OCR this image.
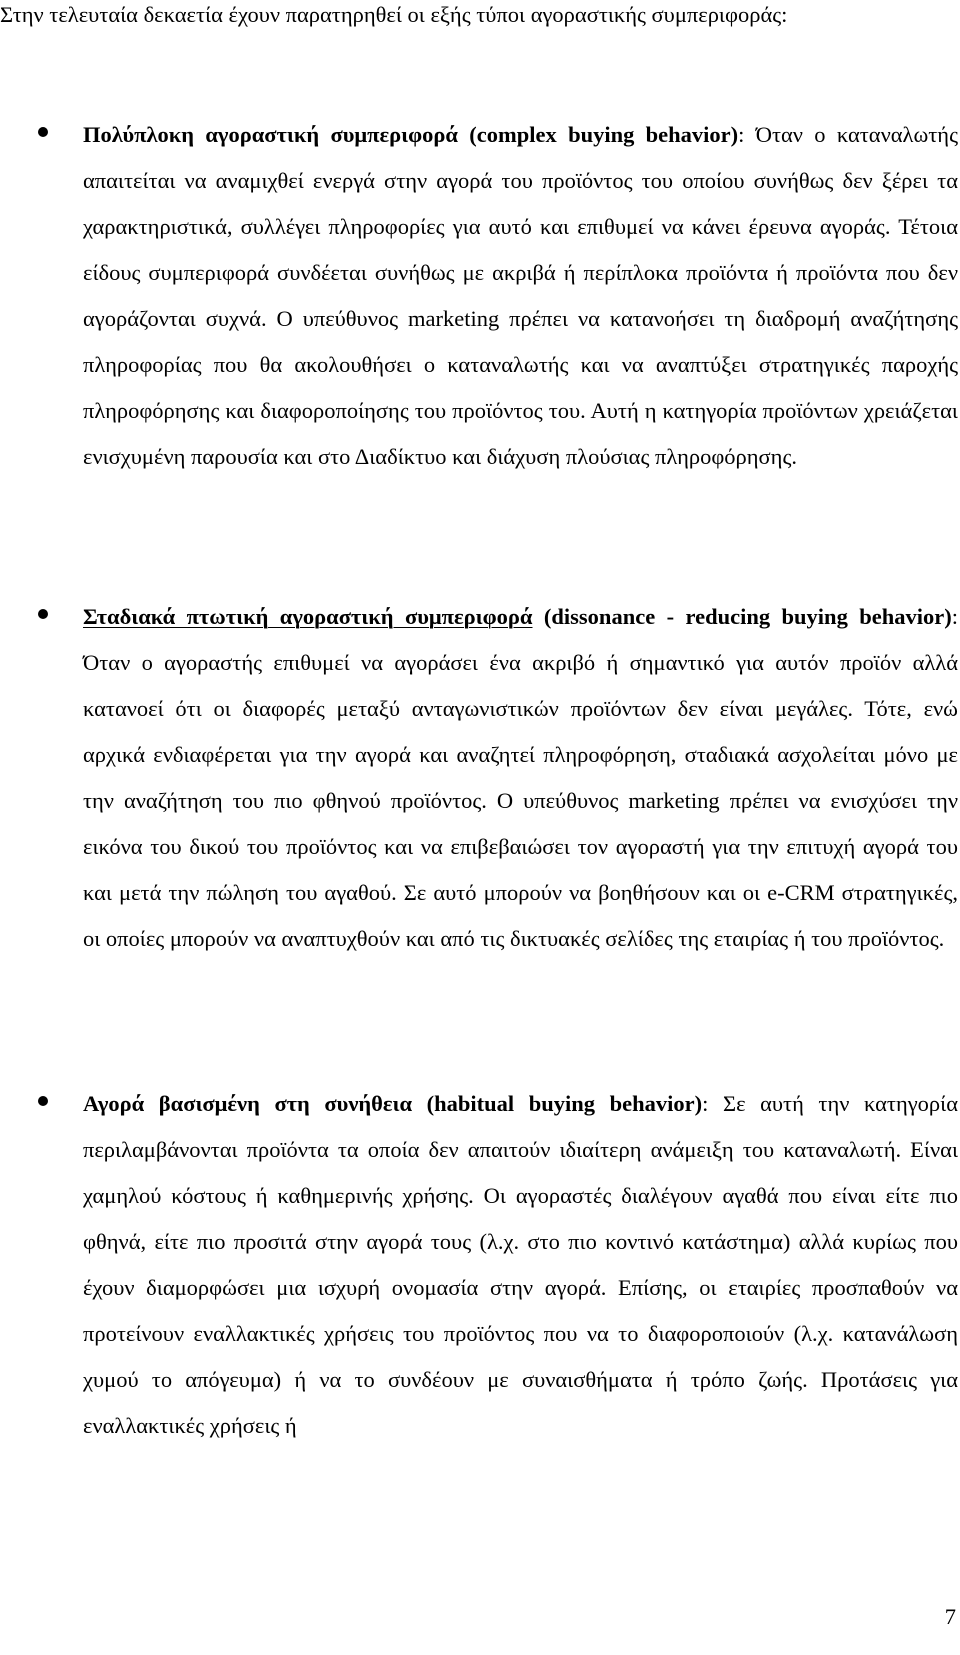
Στην τελευταία δεκαετία έχουν παρατηρηθεί οι εξής τύποι αγοραστικής συμπεριφοράς:

Πολύπλοκη αγοραστική συμπεριφορά (complex buying behavior): Όταν ο καταναλωτής απαιτείται να αναμιχθεί ενεργά στην αγορά του προϊόντος του οποίου συνήθως δεν ξέρει τα χαρακτηριστικά, συλλέγει πληροφορίες για αυτό και επιθυμεί να κάνει έρευνα αγοράς. Τέτοια είδους συμπεριφορά συνδέεται συνήθως με ακριβά ή περίπλοκα προϊόντα ή προϊόντα που δεν αγοράζονται συχνά. Ο υπεύθυνος marketing πρέπει να κατανοήσει τη διαδρομή αναζήτησης πληροφορίας που θα ακολουθήσει ο καταναλωτής και να αναπτύξει στρατηγικές παροχής πληροφόρησης και διαφοροποίησης του προϊόντος του. Αυτή η κατηγορία προϊόντων χρειάζεται ενισχυμένη παρουσία και στο Διαδίκτυο και διάχυση πλούσιας πληροφόρησης.

Σταδιακά πτωτική αγοραστική συμπεριφορά (dissonance - reducing buying behavior): Όταν ο αγοραστής επιθυμεί να αγοράσει ένα ακριβό ή σημαντικό για αυτόν προϊόν αλλά κατανοεί ότι οι διαφορές μεταξύ ανταγωνιστικών προϊόντων δεν είναι μεγάλες. Τότε, ενώ αρχικά ενδιαφέρεται για την αγορά και αναζητεί πληροφόρηση, σταδιακά ασχολείται μόνο με την αναζήτηση του πιο φθηνού προϊόντος. Ο υπεύθυνος marketing πρέπει να ενισχύσει την εικόνα του δικού του προϊόντος και να επιβεβαιώσει τον αγοραστή για την επιτυχή αγορά του και μετά την πώληση του αγαθού. Σε αυτό μπορούν να βοηθήσουν και οι e-CRM στρατηγικές, οι οποίες μπορούν να αναπτυχθούν και από τις δικτυακές σελίδες της εταιρίας ή του προϊόντος.

Αγορά βασισμένη στη συνήθεια (habitual buying behavior): Σε αυτή την κατηγορία περιλαμβάνονται προϊόντα τα οποία δεν απαιτούν ιδιαίτερη ανάμειξη του καταναλωτή. Είναι χαμηλού κόστους ή καθημερινής χρήσης. Οι αγοραστές διαλέγουν αγαθά που είναι είτε πιο φθηνά, είτε πιο προσιτά στην αγορά τους (λ.χ. στο πιο κοντινό κατάστημα) αλλά κυρίως που έχουν διαμορφώσει μια ισχυρή ονομασία στην αγορά. Επίσης, οι εταιρίες προσπαθούν να προτείνουν εναλλακτικές χρήσεις του προϊόντος που να το διαφοροποιούν (λ.χ. κατανάλωση χυμού το απόγευμα) ή να το συνδέουν με συναισθήματα ή τρόπο ζωής. Προτάσεις για εναλλακτικές χρήσεις ή

7
